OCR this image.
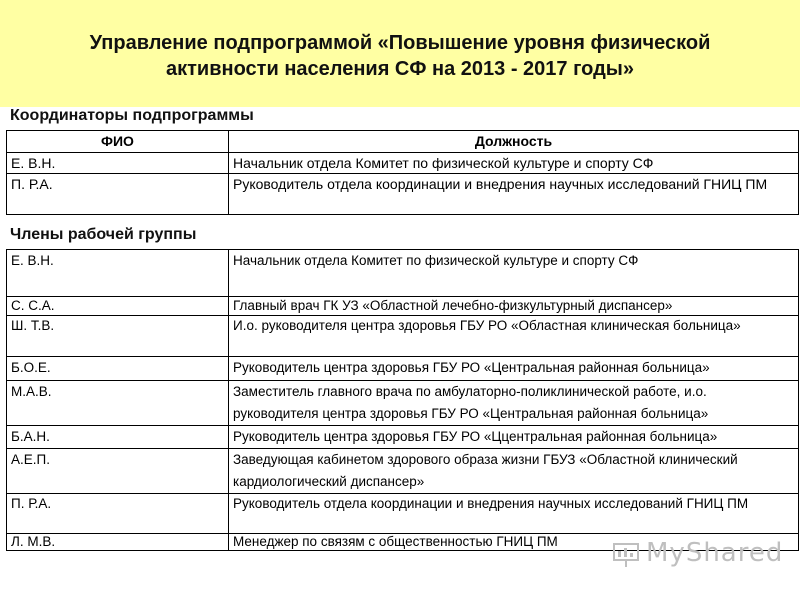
Управление подпрограммой «Повышение уровня физической
активности населения СФ на 2013 - 2017 годы»
Координаторы подпрограммы
ФИО	Должность
Е. В.Н.	Начальник отдела Комитет по физической культуре и спорту СФ
П. Р.А.	Руководитель отдела координации и внедрения научных исследований ГНИЦ ПМ
Члены рабочей группы
Е. В.Н.	Начальник отдела Комитет по физической культуре и спорту СФ
С. С.А.	Главный врач ГК УЗ «Областной лечебно-физкультурный диспансер»
Ш. Т.В.	И.о. руководителя центра здоровья ГБУ РО «Областная клиническая больница»
Б.О.Е.	Руководитель центра здоровья ГБУ РО «Центральная районная больница»
М.А.В.	Заместитель главного врача по амбулаторно-поликлинической работе, и.о. руководителя центра здоровья ГБУ РО «Центральная районная больница»
Б.А.Н.	Руководитель центра здоровья ГБУ РО «Ццентральная районная больница»
А.Е.П.	Заведующая кабинетом здорового образа жизни ГБУЗ «Областной клинический кардиологический диспансер»
П. Р.А.	Руководитель отдела координации и внедрения научных исследований ГНИЦ ПМ
Л. М.В.	Менеджер по связям с общественностью ГНИЦ ПМ	MyShared
